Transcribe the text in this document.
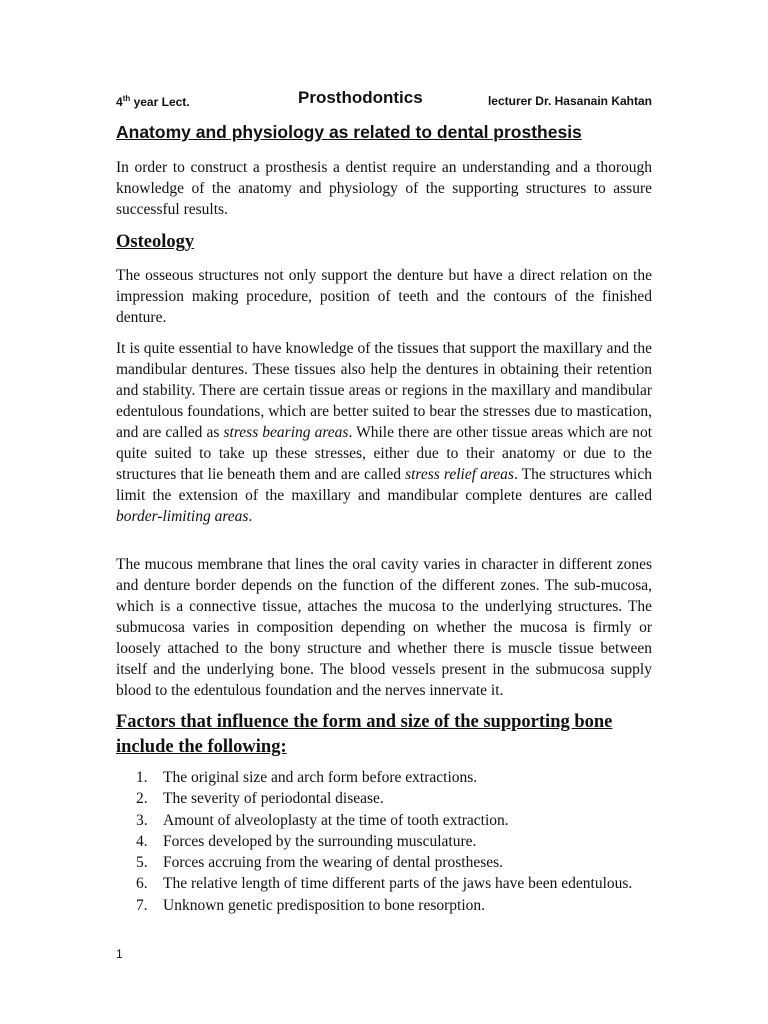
4th year Lect.	Prosthodontics	lecturer Dr. Hasanain Kahtan
Anatomy and physiology as related to dental prosthesis

In order to construct a prosthesis a dentist require an understanding and a thorough knowledge of the anatomy and physiology of the supporting structures to assure successful results.

Osteology

The osseous structures not only support the denture but have a direct relation on the impression making procedure, position of teeth and the contours of the finished denture.

It is quite essential to have knowledge of the tissues that support the maxillary and the mandibular dentures. These tissues also help the dentures in obtaining their retention and stability. There are certain tissue areas or regions in the maxillary and mandibular edentulous foundations, which are better suited to bear the stresses due to mastication, and are called as stress bearing areas. While there are other tissue areas which are not quite suited to take up these stresses, either due to their anatomy or due to the structures that lie beneath them and are called stress relief areas. The structures which limit the extension of the maxillary and mandibular complete dentures are called border-limiting areas.

The mucous membrane that lines the oral cavity varies in character in different zones and denture border depends on the function of the different zones. The sub-mucosa, which is a connective tissue, attaches the mucosa to the underlying structures. The submucosa varies in composition depending on whether the mucosa is firmly or loosely attached to the bony structure and whether there is muscle tissue between itself and the underlying bone. The blood vessels present in the submucosa supply blood to the edentulous foundation and the nerves innervate it.

Factors that influence the form and size of the supporting bone include the following:
1. The original size and arch form before extractions.
2. The severity of periodontal disease.
3. Amount of alveoloplasty at the time of tooth extraction.
4. Forces developed by the surrounding musculature.
5. Forces accruing from the wearing of dental prostheses.
6. The relative length of time different parts of the jaws have been edentulous.
7. Unknown genetic predisposition to bone resorption.
1
